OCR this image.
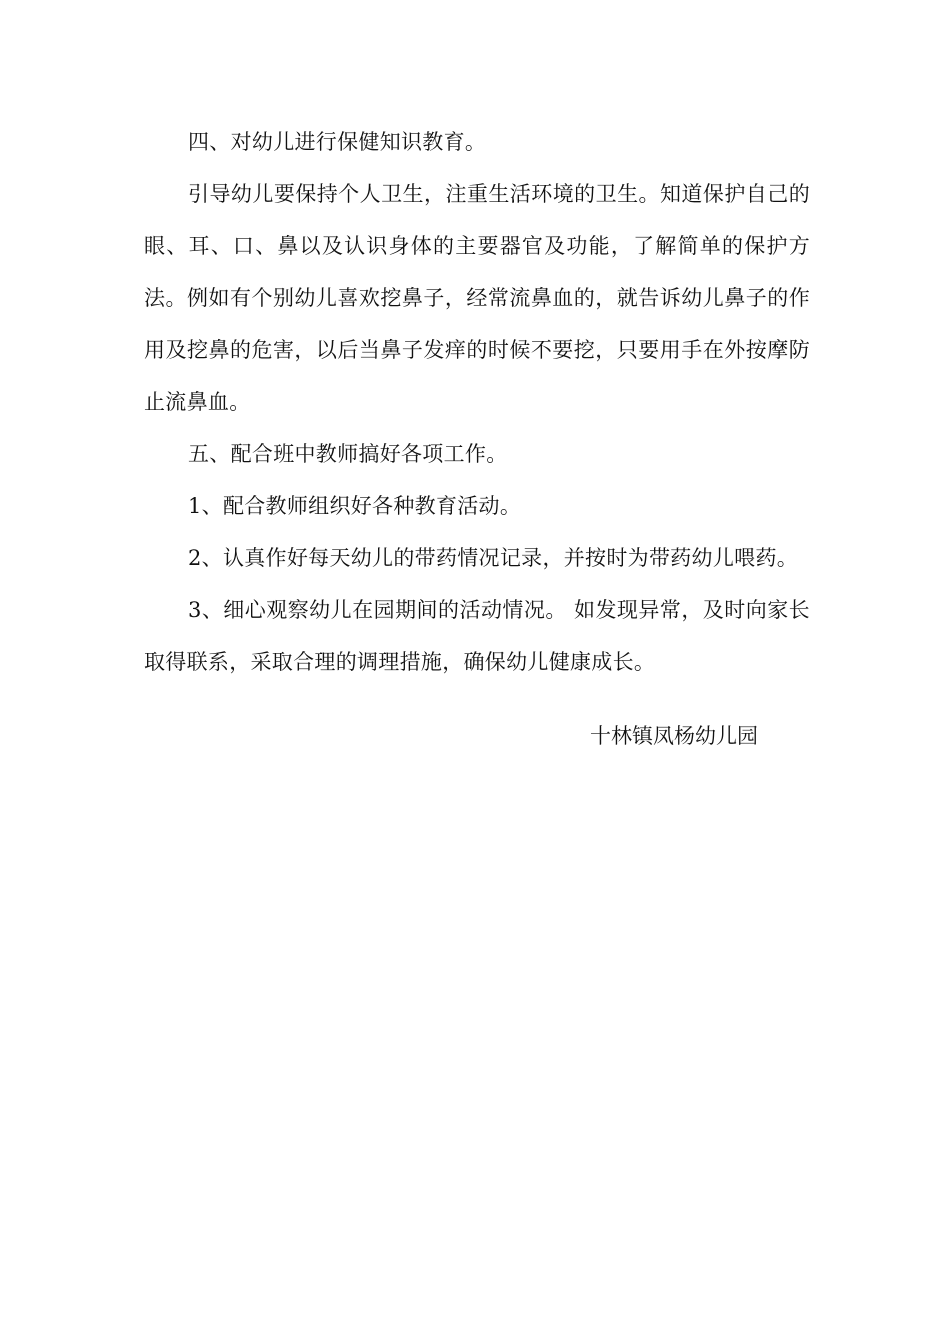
四、对幼儿进行保健知识教育。

引导幼儿要保持个人卫生，注重生活环境的卫生。知道保护自己的眼、耳、口、鼻以及认识身体的主要器官及功能，了解简单的保护方法。例如有个别幼儿喜欢挖鼻子，经常流鼻血的，就告诉幼儿鼻子的作用及挖鼻的危害，以后当鼻子发痒的时候不要挖，只要用手在外按摩防止流鼻血。

五、配合班中教师搞好各项工作。

1、配合教师组织好各种教育活动。

2、认真作好每天幼儿的带药情况记录，并按时为带药幼儿喂药。

3、细心观察幼儿在园期间的活动情况。 如发现异常，及时向家长取得联系，采取合理的调理措施，确保幼儿健康成长。

十林镇凤杨幼儿园
